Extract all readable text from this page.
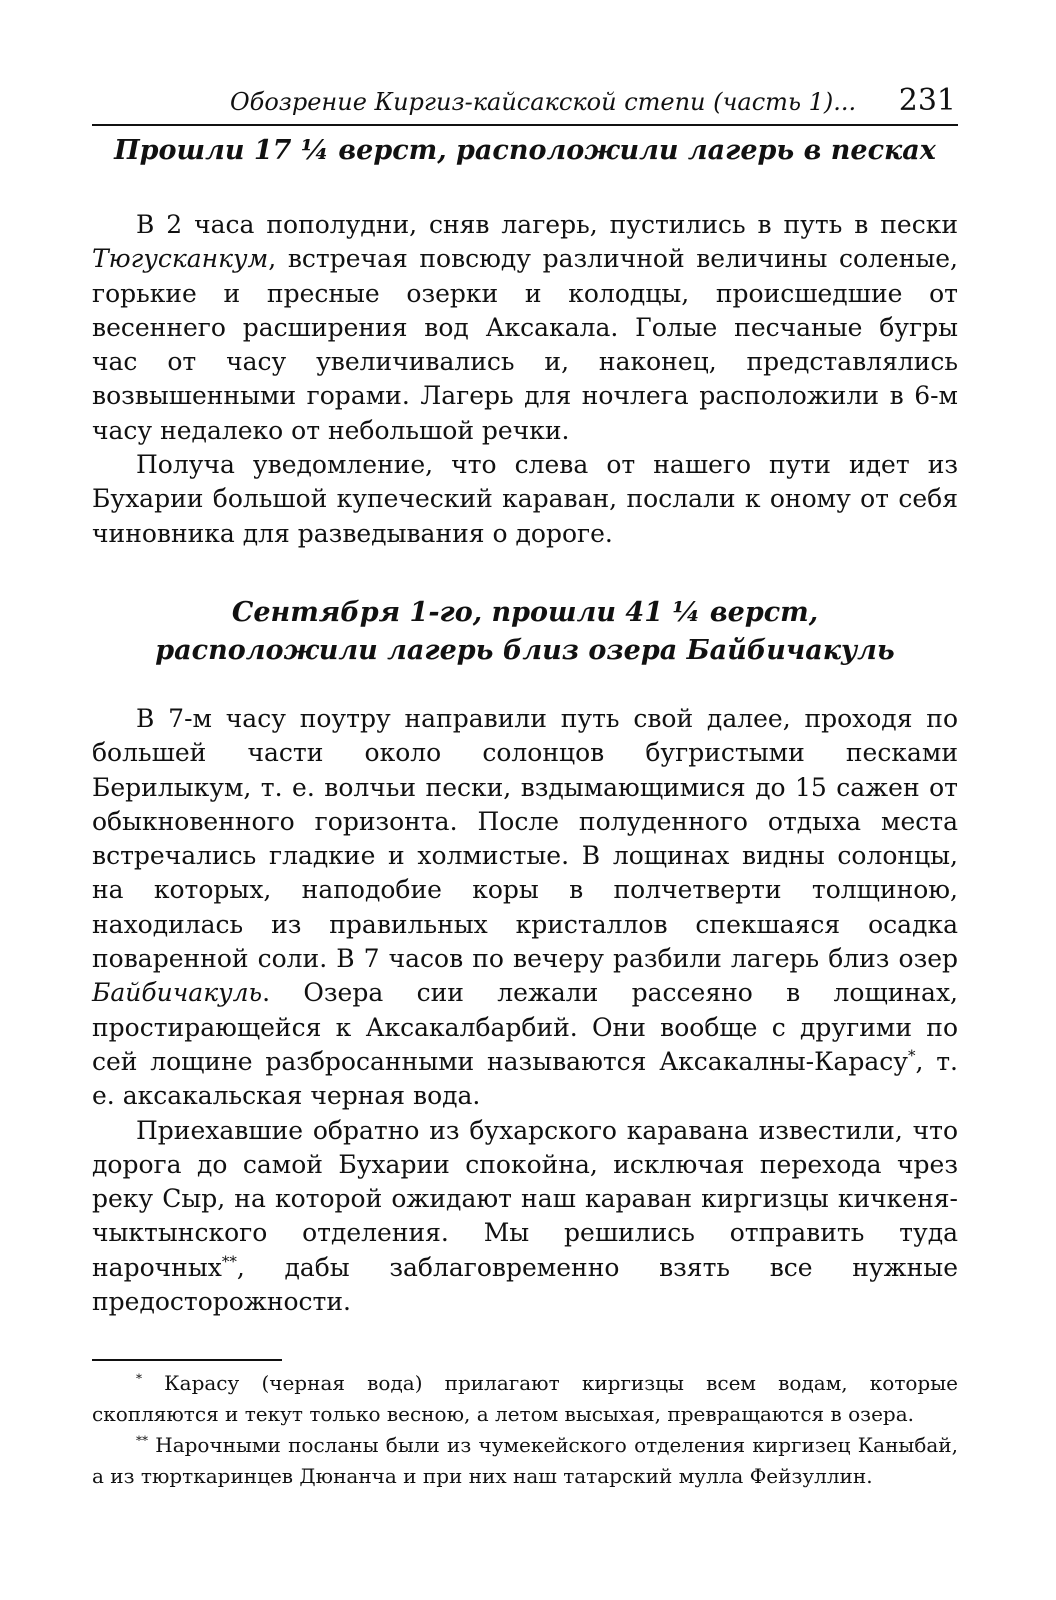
Обозрение Киргиз-кайсакской степи (часть 1)... 231
Прошли 17 ¼ верст, расположили лагерь в песках

В 2 часа пополудни, сняв лагерь, пустились в путь в пески Тюгусканкум, встречая повсюду различной величины соленые, горькие и пресные озерки и колодцы, происшедшие от весеннего расширения вод Аксакала. Голые песчаные бугры час от часу увеличивались и, наконец, представлялись возвышенными горами. Лагерь для ночлега расположили в 6-м часу недалеко от небольшой речки.

Получа уведомление, что слева от нашего пути идет из Бухарии большой купеческий караван, послали к оному от себя чиновника для разведывания о дороге.

Сентября 1-го, прошли 41 ¼ верст,
расположили лагерь близ озера Байбичакуль

В 7-м часу поутру направили путь свой далее, проходя по большей части около солонцов бугристыми песками Берилыкум, т. е. волчьи пески, вздымающимися до 15 сажен от обыкновенного горизонта. После полуденного отдыха места встречались гладкие и холмистые. В лощинах видны солонцы, на которых, наподобие коры в полчетверти толщиною, находилась из правильных кристаллов спекшаяся осадка поваренной соли. В 7 часов по вечеру разбили лагерь близ озер Байбичакуль. Озера сии лежали рассеяно в лощинах, простирающейся к Аксакалбарбий. Они вообще с другими по сей лощине разбросанными называются Аксакалны-Карасу*, т. е. аксакальская черная вода.

Приехавшие обратно из бухарского каравана известили, что дорога до самой Бухарии спокойна, исключая перехода чрез реку Сыр, на которой ожидают наш караван киргизцы кичкеня-чыктынского отделения. Мы решились отправить туда нарочных**, дабы заблаговременно взять все нужные предосторожности.

* Карасу (черная вода) прилагают киргизцы всем водам, которые скопляются и текут только весною, а летом высыхая, превращаются в озера.

** Нарочными посланы были из чумекейского отделения киргизец Каныбай, а из тюрткаринцев Дюнанча и при них наш татарский мулла Фейзуллин.
